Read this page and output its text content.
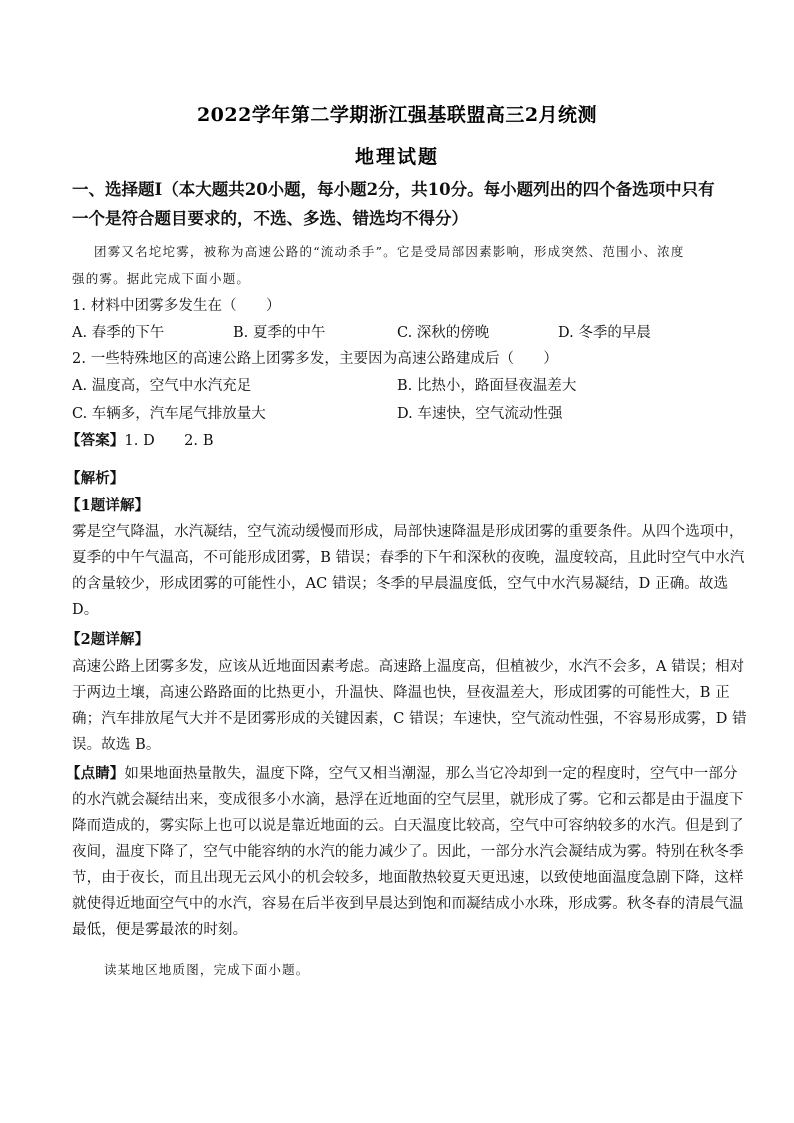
2022学年第二学期浙江强基联盟高三2月统测
地理试题
一、选择题Ⅰ（本大题共20小题，每小题2分，共10分。每小题列出的四个备选项中只有
一个是符合题目要求的，不选、多选、错选均不得分）
团雾又名坨坨雾，被称为高速公路的“流动杀手”。它是受局部因素影响，形成突然、范围小、浓度
强的雾。据此完成下面小题。
1. 材料中团雾多发生在（　　）
A. 春季的下午	B. 夏季的中午	C. 深秋的傍晚	D. 冬季的早晨
2. 一些特殊地区的高速公路上团雾多发，主要因为高速公路建成后（　　）
A. 温度高，空气中水汽充足	B. 比热小，路面昼夜温差大
C. 车辆多，汽车尾气排放量大	D. 车速快，空气流动性强
【答案】1. D　　2. B
【解析】
【1题详解】
雾是空气降温，水汽凝结，空气流动缓慢而形成，局部快速降温是形成团雾的重要条件。从四个选项中，
夏季的中午气温高，不可能形成团雾，B 错误；春季的下午和深秋的夜晚，温度较高，且此时空气中水汽
的含量较少，形成团雾的可能性小，AC 错误；冬季的早晨温度低，空气中水汽易凝结，D 正确。故选
D。
【2题详解】
高速公路上团雾多发，应该从近地面因素考虑。高速路上温度高，但植被少，水汽不会多，A 错误；相对
于两边土壤，高速公路路面的比热更小，升温快、降温也快，昼夜温差大，形成团雾的可能性大，B 正
确；汽车排放尾气大并不是团雾形成的关键因素，C 错误；车速快，空气流动性强，不容易形成雾，D 错
误。故选 B。
【点睛】如果地面热量散失，温度下降，空气又相当潮湿，那么当它冷却到一定的程度时，空气中一部分
的水汽就会凝结出来，变成很多小水滴，悬浮在近地面的空气层里，就形成了雾。它和云都是由于温度下
降而造成的，雾实际上也可以说是靠近地面的云。白天温度比较高，空气中可容纳较多的水汽。但是到了
夜间，温度下降了，空气中能容纳的水汽的能力减少了。因此，一部分水汽会凝结成为雾。特别在秋冬季
节，由于夜长，而且出现无云风小的机会较多，地面散热较夏天更迅速，以致使地面温度急剧下降，这样
就使得近地面空气中的水汽，容易在后半夜到早晨达到饱和而凝结成小水珠，形成雾。秋冬春的清晨气温
最低，便是雾最浓的时刻。
读某地区地质图，完成下面小题。
